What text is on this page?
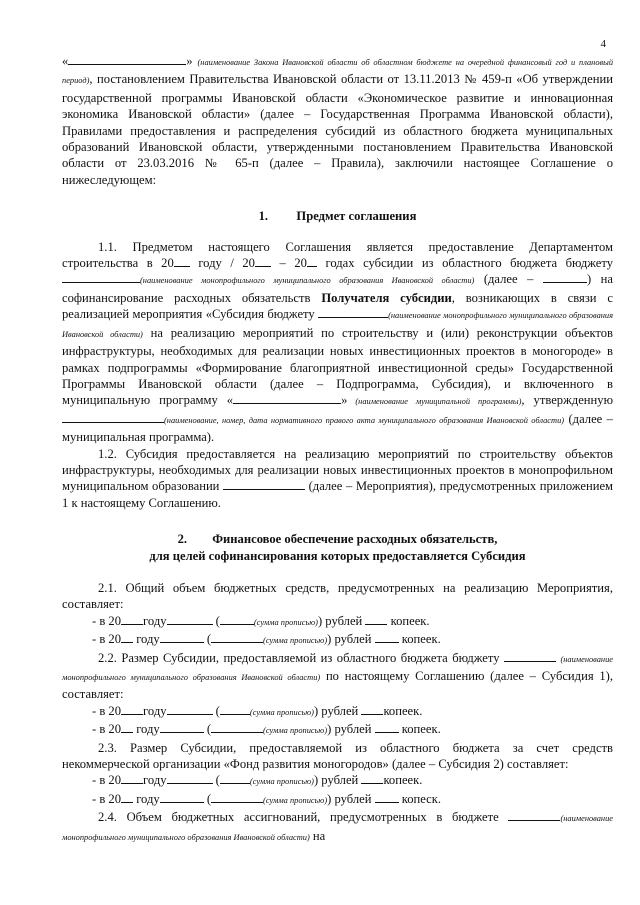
4

«	» (наименование Закона Ивановской области об областном бюджете на очередной финансовый год и плановый период), постановлением Правительства Ивановской области от 13.11.2013 № 459-п «Об утверждении государственной программы Ивановской области «Экономическое развитие и инновационная экономика Ивановской области» (далее – Государственная Программа Ивановской области), Правилами предоставления и распределения субсидий из областного бюджета муниципальных образований Ивановской области, утвержденными постановлением Правительства Ивановской области от 23.03.2016 № 65-п (далее – Правила), заключили настоящее Соглашение о нижеследующем:

1. Предмет соглашения

1.1. Предметом настоящего Соглашения является предоставление Департаментом строительства в 20 году / 20 – 20 годах субсидии из областного бюджета бюджету (наименование монопрофильного муниципального образования Ивановской области) (далее –	) на софинансирование расходных обязательств Получателя субсидии, возникающих в связи с реализацией мероприятия «Субсидия бюджету	(наименование монопрофильного муниципального образования Ивановской области) на реализацию мероприятий по строительству и (или) реконструкции объектов инфраструктуры, необходимых для реализации новых инвестиционных проектов в моногороде» в рамках подпрограммы «Формирование благоприятной инвестиционной среды» Государственной Программы Ивановской области (далее – Подпрограмма, Субсидия), и включенного в муниципальную программу «	» (наименование муниципальной программы), утвержденную (наименование, номер, дата нормативного правого акта муниципального образования Ивановской области) (далее – муниципальная программа).

1.2. Субсидия предоставляется на реализацию мероприятий по строительству объектов инфраструктуры, необходимых для реализации новых инвестиционных проектов в монопрофильном муниципальном образовании	(далее – Мероприятия), предусмотренных приложением 1 к настоящему Соглашению.

2. Финансовое обеспечение расходных обязательств,
для целей софинансирования которых предоставляется Субсидия

2.1. Общий объем бюджетных средств, предусмотренных на реализацию Мероприятия, составляет:

- в 20 году	(	(сумма прописью)) рублей  копеек.

- в 20 году	(	(сумма прописью)) рублей  копеек.

2.2. Размер Субсидии, предоставляемой из областного бюджета бюджету	(наименование монопрофильного муниципального образования Ивановской области) по настоящему Соглашению (далее – Субсидия 1), составляет:

- в 20 году	(	(сумма прописью)) рублей копеек.

- в 20 году	(	(сумма прописью)) рублей  копеек.

2.3. Размер Субсидии, предоставляемой из областного бюджета за счет средств некоммерческой организации «Фонд развития моногородов» (далее – Субсидия 2) составляет:

- в 20 году	(	(сумма прописью)) рублей копеек.

- в 20 году	(	(сумма прописью)) рублей  копеск.

2.4. Объем бюджетных ассигнований, предусмотренных в бюджете	(наименование монопрофильного муниципального образования Ивановской области) на
